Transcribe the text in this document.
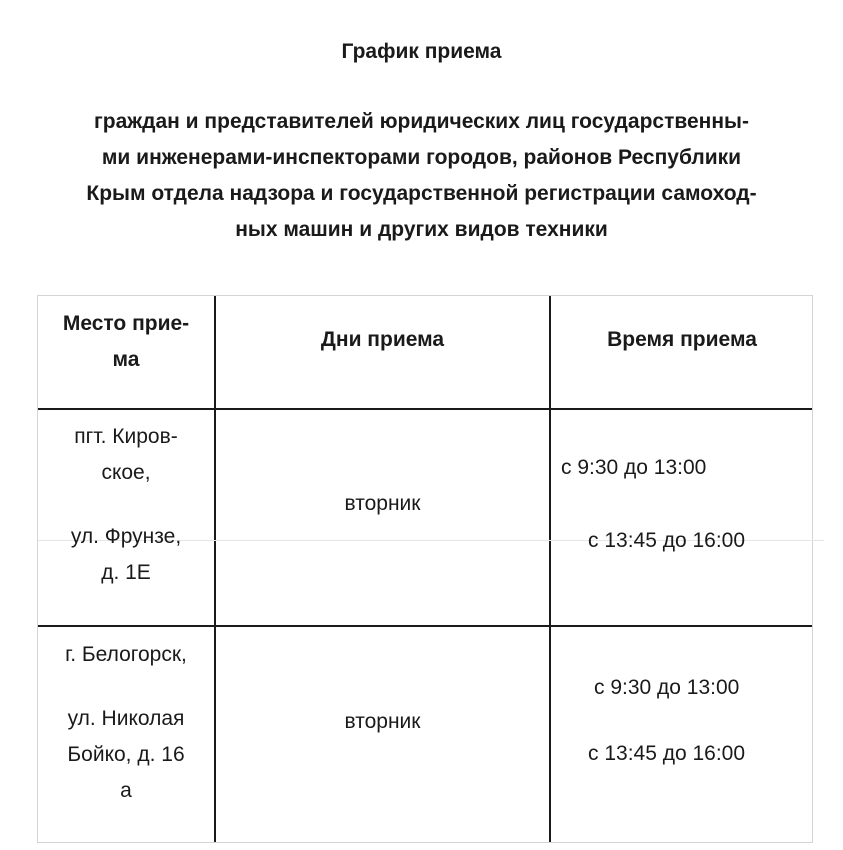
График приема
граждан и представителей юридических лиц государственны-
ми инженерами-инспекторами городов, районов Республики
Крым отдела надзора и государственной регистрации самоход-
ных машин и других видов техники
Место прие-
ма
Дни приема	Время приема
пгт. Киров-
ское,
ул. Фрунзе,
д. 1Е
вторник
с 9:30 до 13:00
с 13:45 до 16:00
г. Белогорск,
ул. Николая
Бойко, д. 16
а
вторник
с 9:30 до 13:00
с 13:45 до 16:00
